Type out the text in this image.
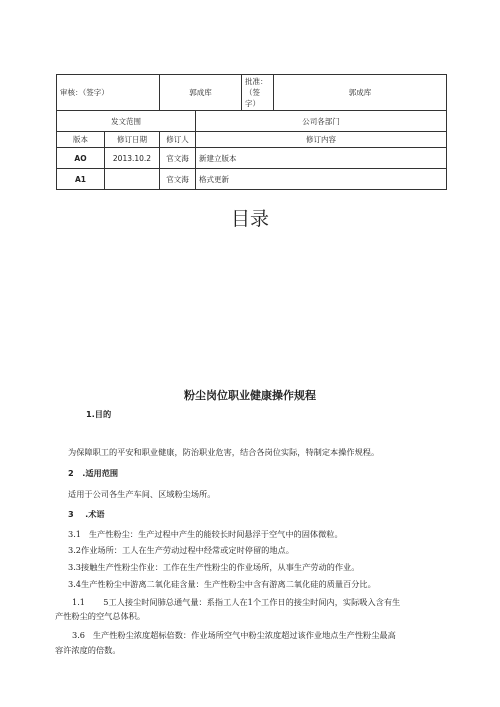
审核：（签字）		郭成库		批准：（签字）	郭成库
发文范围			公司各部门		
版本	修订日期	修订人	修订内容		
AO	2013.10.2	官文海	新建立版本		
A1		官文海	格式更新		
目录
粉尘岗位职业健康操作规程
1.目的
为保障职工的平安和职业健康，防治职业危害，结合各岗位实际，特制定本操作规程。
2   .适用范围
适用于公司各生产车间、区域粉尘场所。
3    .术语
3.1   生产性粉尘：生产过程中产生的能较长时间悬浮于空气中的固体微粒。
3.2作业场所：工人在生产劳动过程中经常或定时停留的地点。
3.3接触生产性粉尘作业：工作在生产性粉尘的作业场所，从事生产劳动的作业。
3.4生产性粉尘中游离二氧化硅含量：生产性粉尘中含有游离二氧化硅的质量百分比。
1.1       5工人接尘时间肺总通气量：系指工人在1个工作日的接尘时间内，实际吸入含有生
产性粉尘的空气总体积。
3.6   生产性粉尘浓度超标倍数：作业场所空气中粉尘浓度超过该作业地点生产性粉尘最高
容许浓度的倍数。
